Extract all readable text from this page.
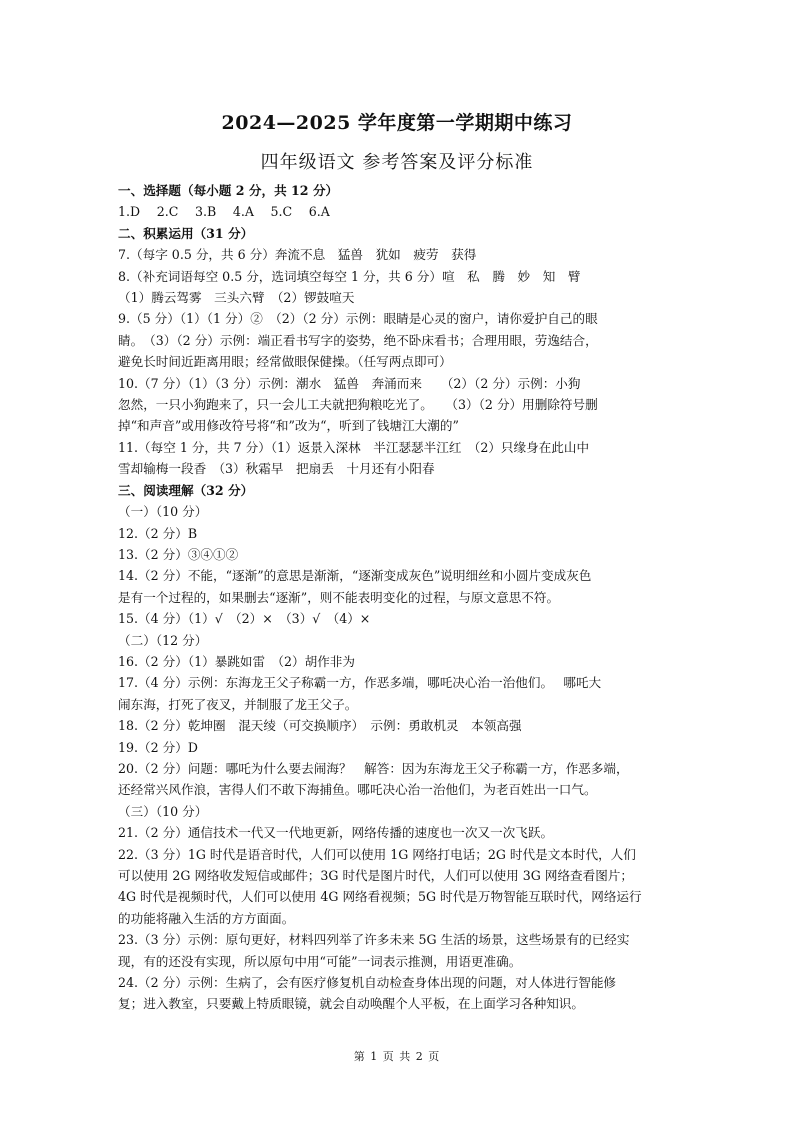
2024—2025 学年度第一学期期中练习
四年级语文 参考答案及评分标准
一、选择题（每小题 2 分，共 12 分）
1.D　 2.C　 3.B　 4.A　 5.C　 6.A
二、积累运用（31 分）
7.（每字 0.5 分，共 6 分）奔流不息　猛兽　犹如　疲劳　获得
8.（补充词语每空 0.5 分，选词填空每空 1 分，共 6 分）喧　私　腾　妙　知　臂
（1）腾云驾雾　三头六臂　（2）锣鼓喧天
9.（5 分）（1）（1 分）②　（2）（2 分）示例：眼睛是心灵的窗户，请你爱护自己的眼
睛。　（3）（2 分）示例：端正看书写字的姿势，绝不卧床看书；合理用眼，劳逸结合，
避免长时间近距离用眼；经常做眼保健操。（任写两点即可）
10.（7 分）（1）（3 分）示例：潮水　猛兽　奔涌而来　　（2）（2 分）示例：小狗
忽然，一只小狗跑来了，只一会儿工夫就把狗粮吃光了。　　（3）（2 分）用删除符号删
掉“和声音”或用修改符号将“和”改为“，听到了钱塘江大潮的”
11.（每空 1 分，共 7 分）（1）返景入深林　半江瑟瑟半江红　（2）只缘身在此山中
雪却输梅一段香　（3）秋霜早　把扇丢　十月还有小阳春
三、阅读理解（32 分）
（一）（10 分）
12.（2 分）B
13.（2 分）③④①②
14.（2 分）不能，“逐渐”的意思是渐渐，“逐渐变成灰色”说明细丝和小圆片变成灰色
是有一个过程的，如果删去“逐渐”，则不能表明变化的过程，与原文意思不符。
15.（4 分）（1）√　（2）×　（3）√　（4）×
（二）（12 分）
16.（2 分）（1）暴跳如雷　（2）胡作非为
17.（4 分）示例：东海龙王父子称霸一方，作恶多端，哪吒决心治一治他们。　 哪吒大
闹东海，打死了夜叉，并制服了龙王父子。
18.（2 分）乾坤圈　混天绫（可交换顺序）　示例：勇敢机灵　本领高强
19.（2 分）D
20.（2 分）问题：哪吒为什么要去闹海？　解答：因为东海龙王父子称霸一方，作恶多端，
还经常兴风作浪，害得人们不敢下海捕鱼。哪吒决心治一治他们，为老百姓出一口气。
（三）（10 分）
21.（2 分）通信技术一代又一代地更新，网络传播的速度也一次又一次飞跃。
22.（3 分）1G 时代是语音时代，人们可以使用 1G 网络打电话；2G 时代是文本时代，人们
可以使用 2G 网络收发短信或邮件；3G 时代是图片时代，人们可以使用 3G 网络查看图片；
4G 时代是视频时代，人们可以使用 4G 网络看视频；5G 时代是万物智能互联时代，网络运行
的功能将融入生活的方方面面。
23.（3 分）示例：原句更好，材料四列举了许多未来 5G 生活的场景，这些场景有的已经实
现，有的还没有实现，所以原句中用“可能”一词表示推测，用语更准确。
24.（2 分）示例：生病了，会有医疗修复机自动检查身体出现的问题，对人体进行智能修
复；进入教室，只要戴上特质眼镜，就会自动唤醒个人平板，在上面学习各种知识。
第 1 页 共 2 页
